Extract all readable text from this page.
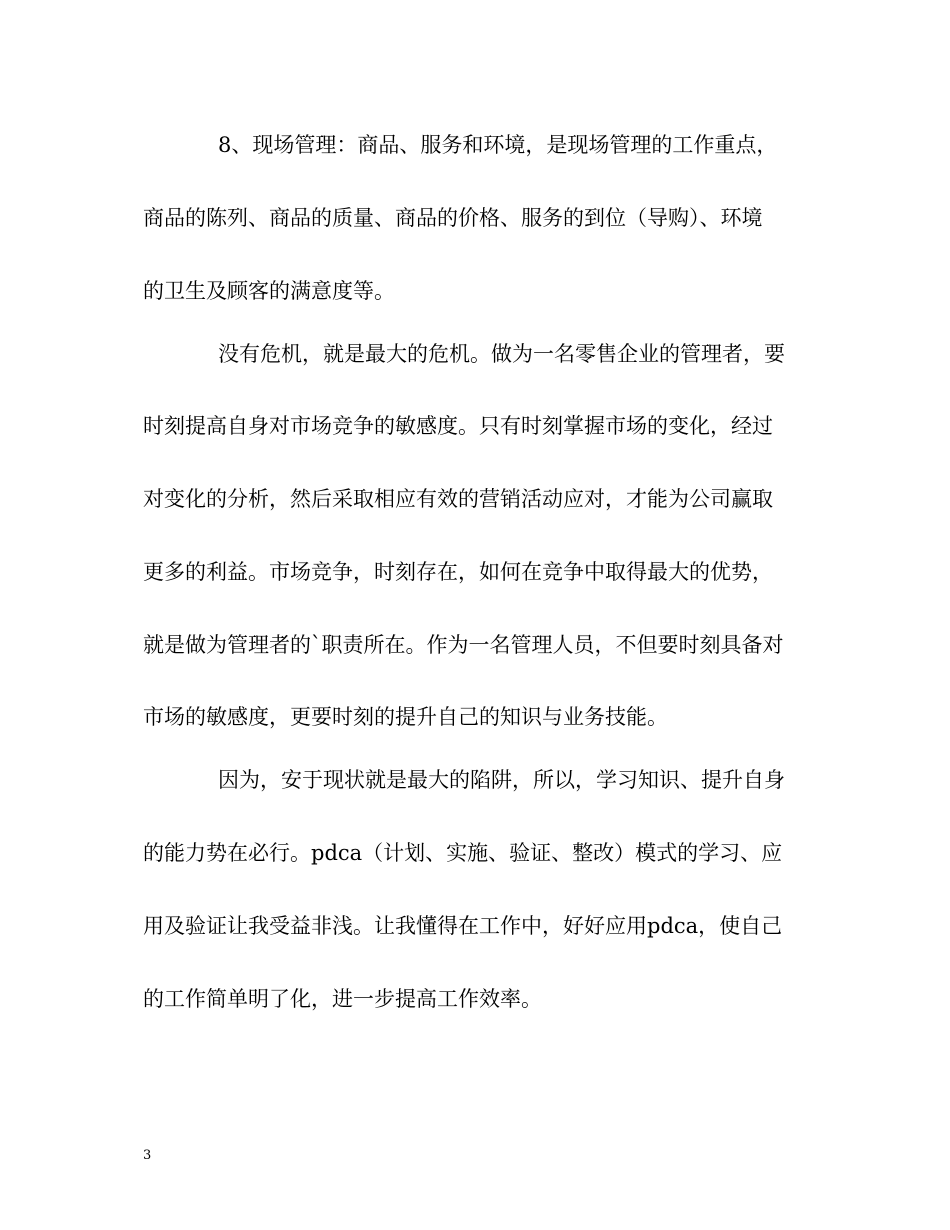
8、现场管理：商品、服务和环境，是现场管理的工作重点，
商品的陈列、商品的质量、商品的价格、服务的到位（导购）、环境
的卫生及顾客的满意度等。
没有危机，就是最大的危机。做为一名零售企业的管理者，要
时刻提高自身对市场竞争的敏感度。只有时刻掌握市场的变化，经过
对变化的分析，然后采取相应有效的营销活动应对，才能为公司赢取
更多的利益。市场竞争，时刻存在，如何在竞争中取得最大的优势，
就是做为管理者的`职责所在。作为一名管理人员，不但要时刻具备对
市场的敏感度，更要时刻的提升自己的知识与业务技能。
因为，安于现状就是最大的陷阱，所以，学习知识、提升自身
的能力势在必行。pdca（计划、实施、验证、整改）模式的学习、应
用及验证让我受益非浅。让我懂得在工作中，好好应用pdca，使自己
的工作简单明了化，进一步提高工作效率。
3
